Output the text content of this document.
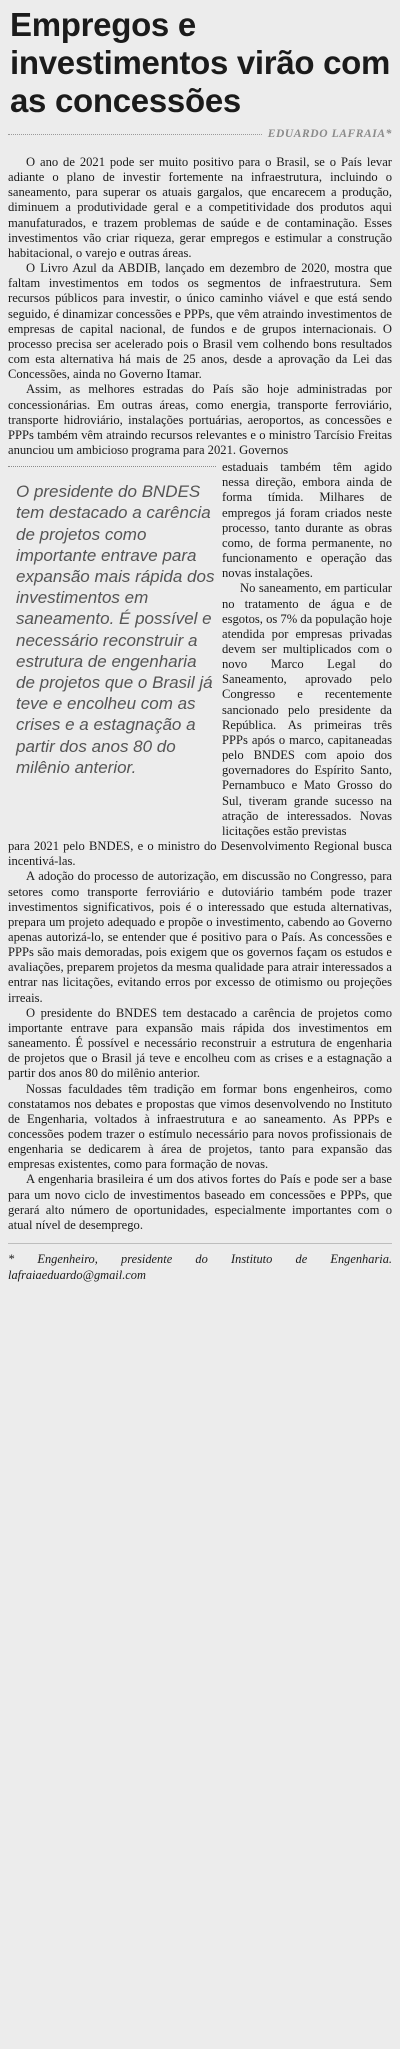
Empregos e investimentos virão com as concessões
EDUARDO LAFRAIA*

O ano de 2021 pode ser muito positivo para o Brasil, se o País levar adiante o plano de investir fortemente na infraestrutura, incluindo o saneamento, para superar os atuais gargalos, que encarecem a produção, diminuem a produtividade geral e a competitividade dos produtos aqui manufaturados, e trazem problemas de saúde e de contaminação. Esses investimentos vão criar riqueza, gerar empregos e estimular a construção habitacional, o varejo e outras áreas.

O Livro Azul da ABDIB, lançado em dezembro de 2020, mostra que faltam investimentos em todos os segmentos de infraestrutura. Sem recursos públicos para investir, o único caminho viável e que está sendo seguido, é dinamizar concessões e PPPs, que vêm atraindo investimentos de empresas de capital nacional, de fundos e de grupos internacionais. O processo precisa ser acelerado pois o Brasil vem colhendo bons resultados com esta alternativa há mais de 25 anos, desde a aprovação da Lei das Concessões, ainda no Governo Itamar.

Assim, as melhores estradas do País são hoje administradas por concessionárias. Em outras áreas, como energia, transporte ferroviário, transporte hidroviário, instalações portuárias, aeroportos, as concessões e PPPs também vêm atraindo recursos relevantes e o ministro Tarcísio Freitas anunciou um ambicioso programa para 2021. Governos

O presidente do BNDES tem destacado a carência de projetos como importante entrave para expansão mais rápida dos investimentos em saneamento. É possível e necessário reconstruir a estrutura de engenharia de projetos que o Brasil já teve e encolheu com as crises e a estagnação a partir dos anos 80 do milênio anterior.

estaduais também têm agido nessa direção, embora ainda de forma tímida. Milhares de empregos já foram criados neste processo, tanto durante as obras como, de forma permanente, no funcionamento e operação das novas instalações.

No saneamento, em particular no tratamento de água e de esgotos, os 7% da população hoje atendida por empresas privadas devem ser multiplicados com o novo Marco Legal do Saneamento, aprovado pelo Congresso e recentemente sancionado pelo presidente da República. As primeiras três PPPs após o marco, capitaneadas pelo BNDES com apoio dos governadores do Espírito Santo, Pernambuco e Mato Grosso do Sul, tiveram grande sucesso na atração de interessados. Novas licitações estão previstas

para 2021 pelo BNDES, e o ministro do Desenvolvimento Regional busca incentivá-las.

A adoção do processo de autorização, em discussão no Congresso, para setores como transporte ferroviário e dutoviário também pode trazer investimentos significativos, pois é o interessado que estuda alternativas, prepara um projeto adequado e propõe o investimento, cabendo ao Governo apenas autorizá-lo, se entender que é positivo para o País. As concessões e PPPs são mais demoradas, pois exigem que os governos façam os estudos e avaliações, preparem projetos da mesma qualidade para atrair interessados a entrar nas licitações, evitando erros por excesso de otimismo ou projeções irreais.

O presidente do BNDES tem destacado a carência de projetos como importante entrave para expansão mais rápida dos investimentos em saneamento. É possível e necessário reconstruir a estrutura de engenharia de projetos que o Brasil já teve e encolheu com as crises e a estagnação a partir dos anos 80 do milênio anterior.

Nossas faculdades têm tradição em formar bons engenheiros, como constatamos nos debates e propostas que vimos desenvolvendo no Instituto de Engenharia, voltados à infraestrutura e ao saneamento. As PPPs e concessões podem trazer o estímulo necessário para novos profissionais de engenharia se dedicarem à área de projetos, tanto para expansão das empresas existentes, como para formação de novas.

A engenharia brasileira é um dos ativos fortes do País e pode ser a base para um novo ciclo de investimentos baseado em concessões e PPPs, que gerará alto número de oportunidades, especialmente importantes com o atual nível de desemprego.

* Engenheiro, presidente do Instituto de Engenharia. lafraiaeduardo@gmail.com
